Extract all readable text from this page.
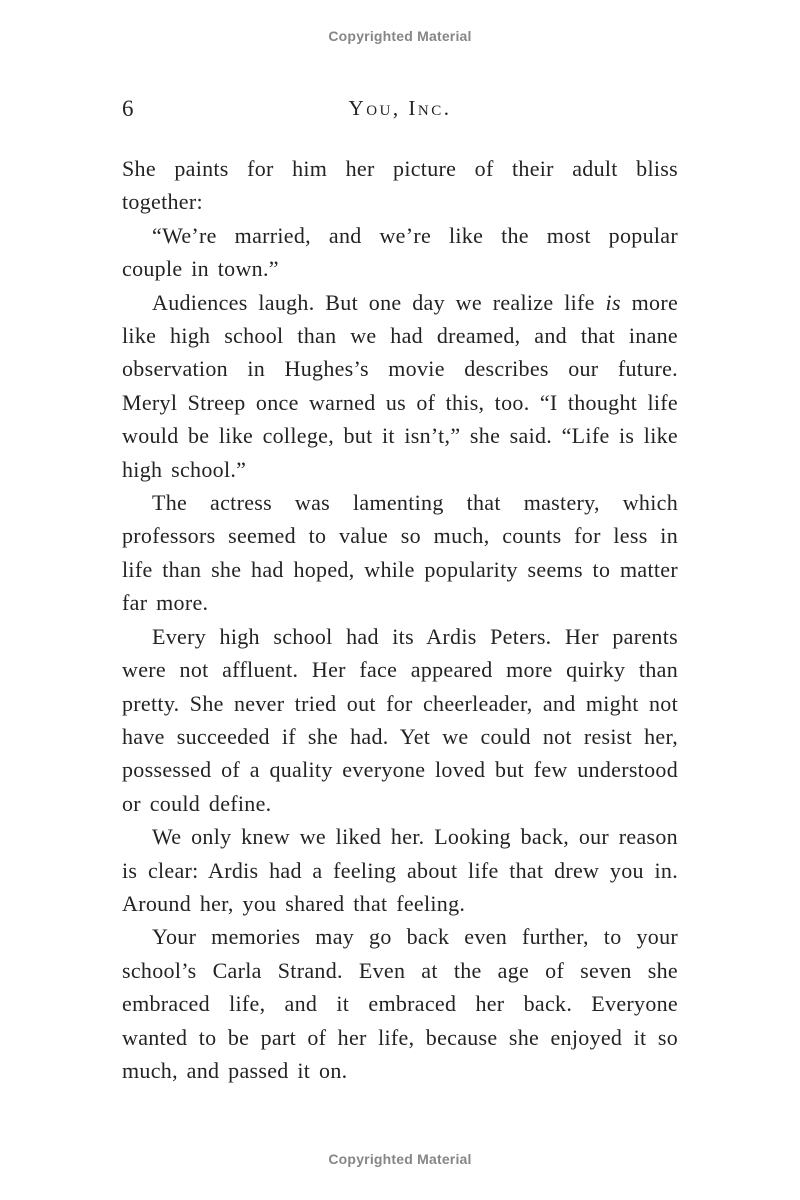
Copyrighted Material
6	You, Inc.

She paints for him her picture of their adult bliss together:

“We’re married, and we’re like the most popular couple in town.”

Audiences laugh. But one day we realize life is more like high school than we had dreamed, and that inane observation in Hughes’s movie describes our future. Meryl Streep once warned us of this, too. “I thought life would be like college, but it isn’t,” she said. “Life is like high school.”

The actress was lamenting that mastery, which professors seemed to value so much, counts for less in life than she had hoped, while popularity seems to matter far more.

Every high school had its Ardis Peters. Her parents were not affluent. Her face appeared more quirky than pretty. She never tried out for cheerleader, and might not have succeeded if she had. Yet we could not resist her, possessed of a quality everyone loved but few understood or could define.

We only knew we liked her. Looking back, our reason is clear: Ardis had a feeling about life that drew you in. Around her, you shared that feeling.

Your memories may go back even further, to your school’s Carla Strand. Even at the age of seven she embraced life, and it embraced her back. Everyone wanted to be part of her life, because she enjoyed it so much, and passed it on.

Copyrighted Material
